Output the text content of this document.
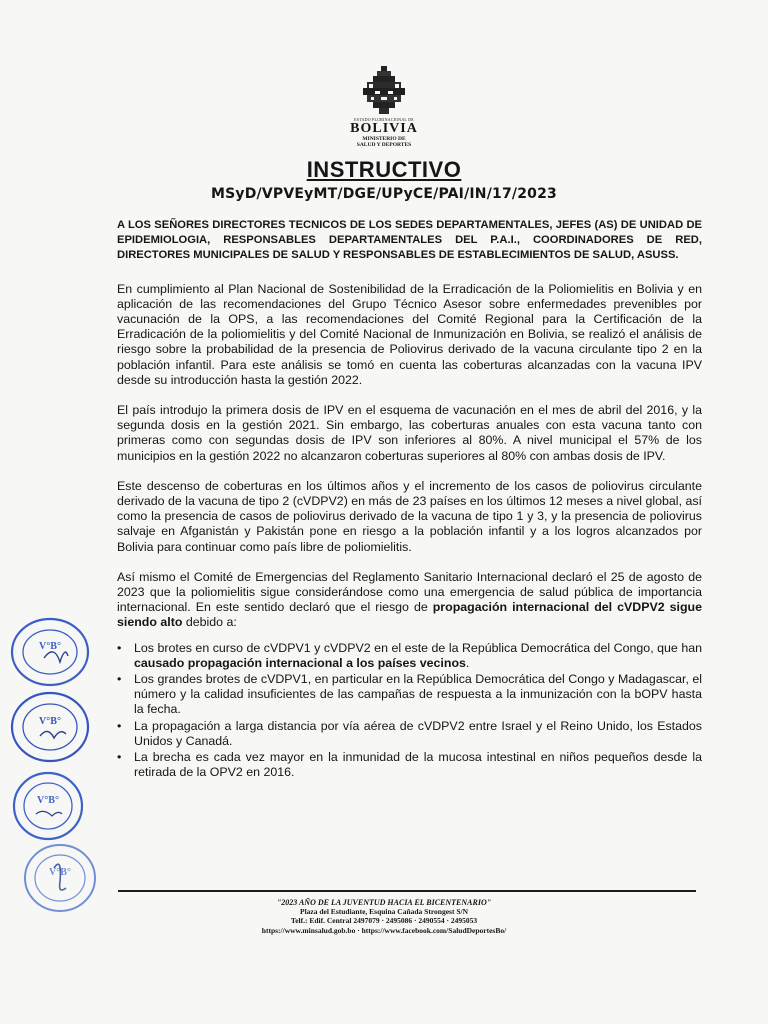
ESTADO PLURINACIONAL DE
BOLIVIA
MINISTERIO DE
SALUD Y DEPORTES
INSTRUCTIVO
MSyD/VPVEyMT/DGE/UPyCE/PAI/IN/17/2023

A LOS SEÑORES DIRECTORES TECNICOS DE LOS SEDES DEPARTAMENTALES, JEFES (AS) DE UNIDAD DE EPIDEMIOLOGIA, RESPONSABLES DEPARTAMENTALES DEL P.A.I., COORDINADORES DE RED, DIRECTORES MUNICIPALES DE SALUD Y RESPONSABLES DE ESTABLECIMIENTOS DE SALUD, ASUSS.

En cumplimiento al Plan Nacional de Sostenibilidad de la Erradicación de la Poliomielitis en Bolivia y en aplicación de las recomendaciones del Grupo Técnico Asesor sobre enfermedades prevenibles por vacunación de la OPS, a las recomendaciones del Comité Regional para la Certificación de la Erradicación de la poliomielitis y del Comité Nacional de Inmunización en Bolivia, se realizó el análisis de riesgo sobre la probabilidad de la presencia de Poliovirus derivado de la vacuna circulante tipo 2 en la población infantil. Para este análisis se tomó en cuenta las coberturas alcanzadas con la vacuna IPV desde su introducción hasta la gestión 2022.

El país introdujo la primera dosis de IPV en el esquema de vacunación en el mes de abril del 2016, y la segunda dosis en la gestión 2021. Sin embargo, las coberturas anuales con esta vacuna tanto con primeras como con segundas dosis de IPV son inferiores al 80%. A nivel municipal el 57% de los municipios en la gestión 2022 no alcanzaron coberturas superiores al 80% con ambas dosis de IPV.

Este descenso de coberturas en los últimos años y el incremento de los casos de poliovirus circulante derivado de la vacuna de tipo 2 (cVDPV2) en más de 23 países en los últimos 12 meses a nivel global, así como la presencia de casos de poliovirus derivado de la vacuna de tipo 1 y 3, y la presencia de poliovirus salvaje en Afganistán y Pakistán pone en riesgo a la población infantil y a los logros alcanzados por Bolivia para continuar como país libre de poliomielitis.

Así mismo el Comité de Emergencias del Reglamento Sanitario Internacional declaró el 25 de agosto de 2023 que la poliomielitis sigue considerándose como una emergencia de salud pública de importancia internacional. En este sentido declaró que el riesgo de propagación internacional del cVDPV2 sigue siendo alto debido a:

• Los brotes en curso de cVDPV1 y cVDPV2 en el este de la República Democrática del Congo, que han causado propagación internacional a los países vecinos.
• Los grandes brotes de cVDPV1, en particular en la República Democrática del Congo y Madagascar, el número y la calidad insuficientes de las campañas de respuesta a la inmunización con la bOPV hasta la fecha.
• La propagación a larga distancia por vía aérea de cVDPV2 entre Israel y el Reino Unido, los Estados Unidos y Canadá.
• La brecha es cada vez mayor en la inmunidad de la mucosa intestinal en niños pequeños desde la retirada de la OPV2 en 2016.
"2023 AÑO DE LA JUVENTUD HACIA EL BICENTENARIO"
Plaza del Estudiante, Esquina Cañada Strongest S/N
Telf.: Edif. Central 2497079 · 2495086 · 2490554 · 2495053
https://www.minsalud.gob.bo · https://www.facebook.com/SaludDeportesBo/
V°B°
V°B°
V°B°
V°B°
